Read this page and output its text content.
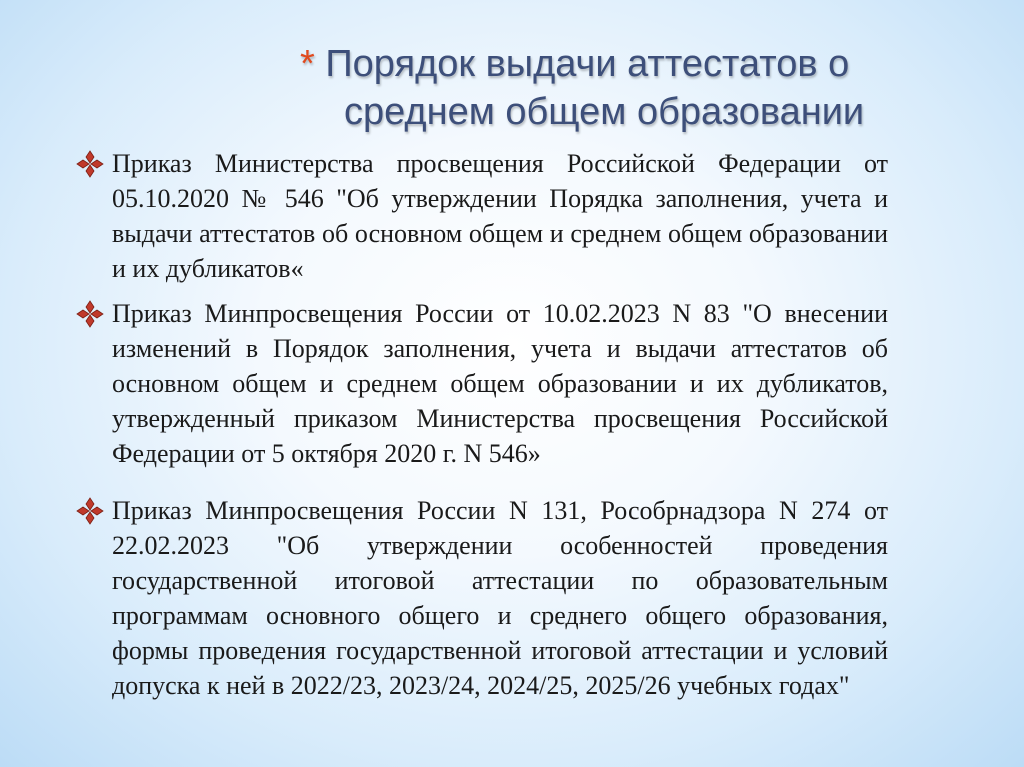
* Порядок выдачи аттестатов о
среднем общем образовании
Приказ Министерства просвещения Российской Федерации от 05.10.2020 № 546 "Об утверждении Порядка заполнения, учета и выдачи аттестатов об основном общем и среднем общем образовании и их дубликатов«
Приказ Минпросвещения России от 10.02.2023 N 83 "О внесении изменений в Порядок заполнения, учета и выдачи аттестатов об основном общем и среднем общем образовании и их дубликатов, утвержденный приказом Министерства просвещения Российской Федерации от 5 октября 2020 г. N 546»
Приказ Минпросвещения России N 131, Рособрнадзора N 274 от 22.02.2023 "Об утверждении особенностей проведения государственной итоговой аттестации по образовательным программам основного общего и среднего общего образования, формы проведения государственной итоговой аттестации и условий допуска к ней в 2022/23, 2023/24, 2024/25, 2025/26 учебных годах"
